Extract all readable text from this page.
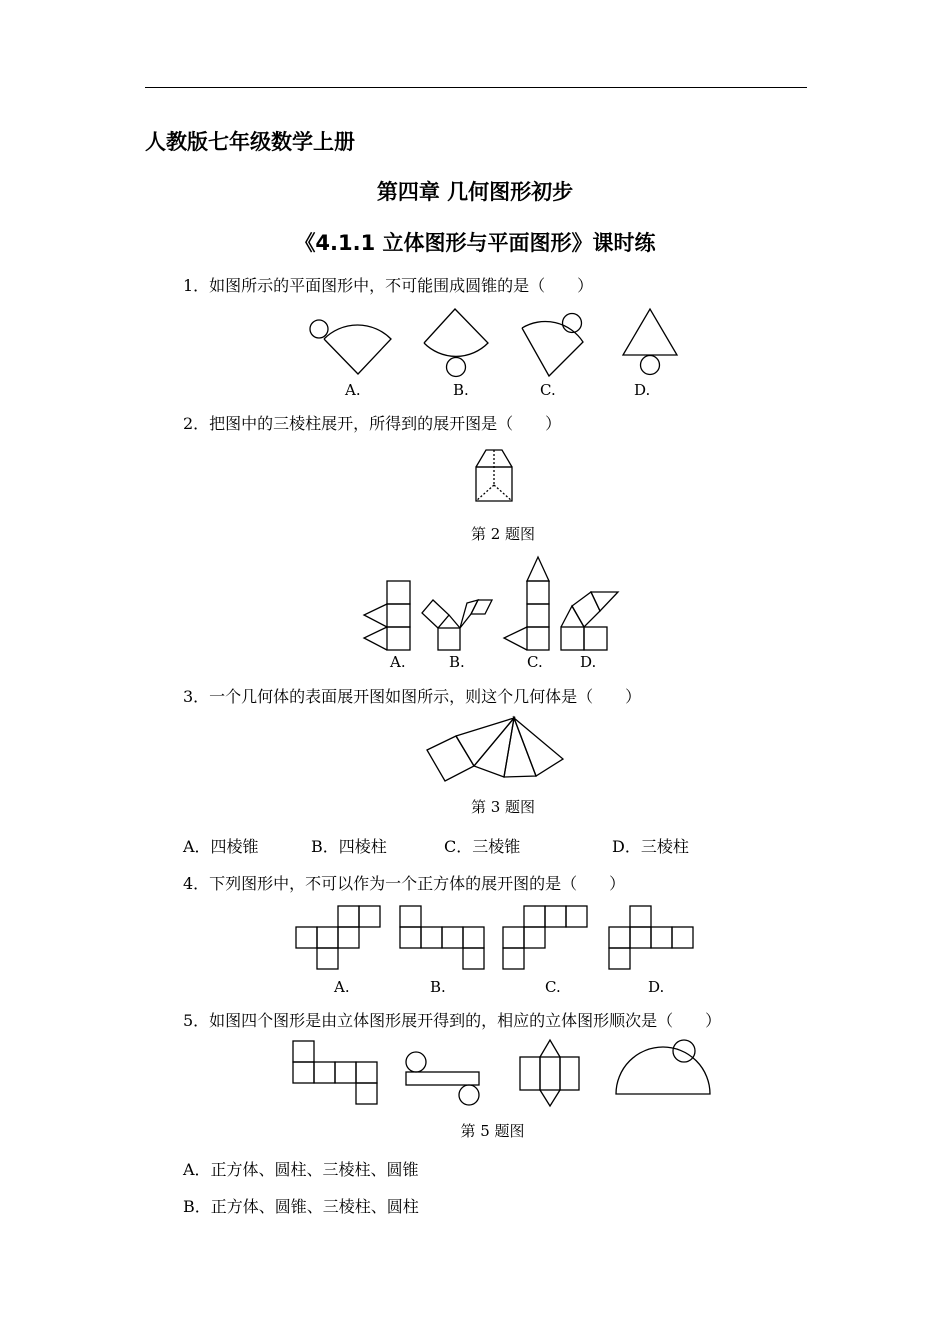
人教版七年级数学上册
第四章 几何图形初步
《4.1.1 立体图形与平面图形》课时练
1．如图所示的平面图形中，不可能围成圆锥的是（　　）
A.	B.	C.	D.
2．把图中的三棱柱展开，所得到的展开图是（　　）
第 2 题图
A.	B.	C. D.
3．一个几何体的表面展开图如图所示，则这个几何体是（　　）
第 3 题图
A．四棱锥	B．四棱柱	C．三棱锥	D．三棱柱
4．下列图形中，不可以作为一个正方体的展开图的是（　　）
A.	B.	C.	D.
5．如图四个图形是由立体图形展开得到的，相应的立体图形顺次是（　　）
第 5 题图
A．正方体、圆柱、三棱柱、圆锥
B．正方体、圆锥、三棱柱、圆柱
